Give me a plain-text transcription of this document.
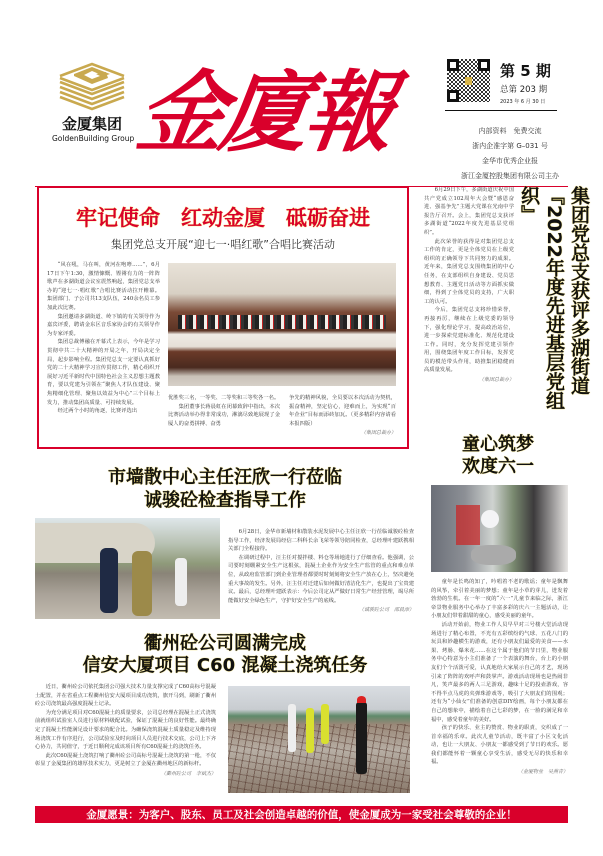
金厦集团
GoldenBuilding Group
金廈報	第 5 期
总第 203 期
2023 年 6 月 30 日
内部资料　免费交流
浙内企准字第 G–031 号
金华市优秀企业报
浙江金厦控股集团有限公司主办
牢记使命　红动金厦　砥砺奋进
集团党总支开展“迎七一·唱红歌”合唱比赛活动

“风在吼，马在叫，黄河在咆哮……”，6月17日下午1:30，激情慷慨、铿锵有力的一阵阵歌声在多湖街道会议室震然响起，集团党总支举办的“迎七一·唱红歌”合唱比赛活动拉开帷幕。集团部门、子公司共13支队伍，240余名员工参加此次比赛。

集团邀请多湖街道、岭下镇的有关领导作为嘉宾评委，聘请金东区音乐家协会的有关领导作为专家评委。

集团总裁傅融在开幕式上表示，今年是学习贯彻中共二十大精神的开局之年，开局决定全局，起步影响全程。集团党总支一定要认真抓好党的二十大精神学习宣传贯彻工作，精心组织开展好习近平新时代中国特色社会主义思想主题教育，要以党建为引领在“聚焦人才队伍建设、聚焦精细化管理、聚焦以效益为中心”三个目标上发力，推动集团高质量、可持续发展。

经过两个小时的角逐，比赛评选出

优胜奖三名，一等奖、二等奖和三等奖各一名。

集团董事长蒋晨虹在闭幕致辞中指出，本次比赛活动举办得非常成功，淋漓尽致地展现了金厦人的奋勇拼搏、奋勇

争先的精神风貌，全员要以本次活动为契机，振奋精神，坚定信心，迎难而上，为实现“百年企业”目标而添砖加瓦。（更多精彩内容请看本报四版）

（集团总裁办）

6月29日下午，多湖街道庆祝中国共产党成立102周年大会暨“感恩奋进、强基争先”主题大党课在光南中学报告厅召开。会上，集团党总支获评多湖街道“2022年度先进基层党组织”。

此次荣誉的获得是对集团党总支工作的肯定，更是全体党员在上级党组织的正确领导下共同努力的成果。近年来，集团党总支围绕集团的中心任务，在支部组织自身建设、党员思想教育、主题党日活动等方面抓实做细，得到了全体党员的支持，广大职工的认可。

今后，集团党总支将珍惜荣誉，再接再厉，继续在上级党委的领导下，强化理论学习，提高政治站位，进一步探索党建标准化、规范化建设工作。同时，充分发挥党建引领作用，围绕集团年度工作目标，发挥党员的模范带头作用，助推集团稳健而高质量发展。

（集团总裁办）	集团党总支获评多湖街道
『2022年度先进基层党组织』
市墙散中心主任汪欣一行莅临
诚骏砼检查指导工作

6月28日，金华市新墙材和散装水泥发展中心主任汪欣一行莅临诚骏砼检查指导工作，经济发展局经信二科科长余飞荣等领导陪同检查，总经理叶建跃携相关部门全程接待。

在调研过程中，汪主任对搅拌楼、料仓等场地进行了仔细查看。他强调，公司要时刻绷紧安全生产这根弦，混凝土企业作为安全生产监管的重点和难点单位，从政府监管部门到企业管理者都要时时刻刻将安全生产放在心上，坚决避免重大事故的发生。另外，汪主任对迁建后如何做好清洁化生产，也提出了宝贵建议。最后，总经理叶建跃表示：今后公司定从严做好日常生产经营管理，竭尽所能做好安全绿色生产，守护好安全生产的底线。

（诚骏砼公司　邵晨添）
童心筑梦
欢度六一

童年是长鸣的知了，吟唱着不老的歌谣；童年是飘舞的风筝，牵引着美丽的梦想；童年是小草的芽儿，迸发着勃勃的生机。在一年一度的“六一”儿童节来临之际，浙江帝景物业服务中心举办了丰富多彩的庆六一主题活动，让小朋友们带着甜甜的童心，感受美丽的童年。

活动开始前，物业工作人员早早对三号楼大堂活动现场进行了精心布置，不光有五彩缤纷的气球、五花八门的玩具和妙趣横生的游戏，还有小朋友们最爱的美食——水果、烤肠、爆米花……在这个属于他们的节日里，物业服务中心特意为小主们准备了一个表演的舞台，台上的小朋友们个个活泼可爱，认真地给大家展示自己的才艺，现场引来了阵阵的欢呼声和鼓掌声。游戏活动现场也是热闹非凡，笑声最多的两人三足游戏，趣味十足的投壶游戏，容不得半点马虎的夹弹珠游戏等，吸引了大朋友们的围观；还有为“小仙女”们准备的创意DIY绘画，每个小朋友都在自己的想象中，描绘着自己七彩的梦，在一脸的满足和幸福中，感受着童年的美好。

孩子的快乐、业主的赞赏、物业的职責，交织成了一首幸福的乐章。此次儿童节活动，既丰富了小区文化活动，也让一大朋友、小朋友一都感受到了节日的欢乐。愿我们都能怀着一颗童心享受生活，感受无尽的快乐和幸福。

（金厦物业　吴燕青）
衢州砼公司圆满完成
信安大厦项目 C60 混凝土浇筑任务

近日，衢州砼公司依托集团公司强大技术力量支撑完成了C60高标号混凝土配置，并在省重点工程衢州信安大厦项目成功浇筑，旗开马到，刷新了衢州砼公司浇筑最高强度混凝土记录。

为充分满足项目对C60混凝土的质量要求，公司总经理在混凝土正式浇筑前就组织试验室人员进行原材料级配试验，保证了混凝土的良好性能。最终确定了混凝土性能满足设计要求的配合比。为确保浇筑混凝土质量稳定及维持现场浇筑工作有序进行，公司试验室及时向项目人员进行技术交底，公司上下齐心协力，共同值守，于近日顺利完成该项目所有C60混凝土的浇筑任务。

此次C60混凝土浇筑打响了衢州砼公司高标号混凝土浇筑的第一枪，不仅彰显了金厦集团的雄厚技术实力，更是树立了金厦在衢州地区的新标杆。

（衢州砼公司　李斌杰）
金厦愿景：为客户、股东、员工及社会创造卓越的价值，使金厦成为一家受社会尊敬的企业！
